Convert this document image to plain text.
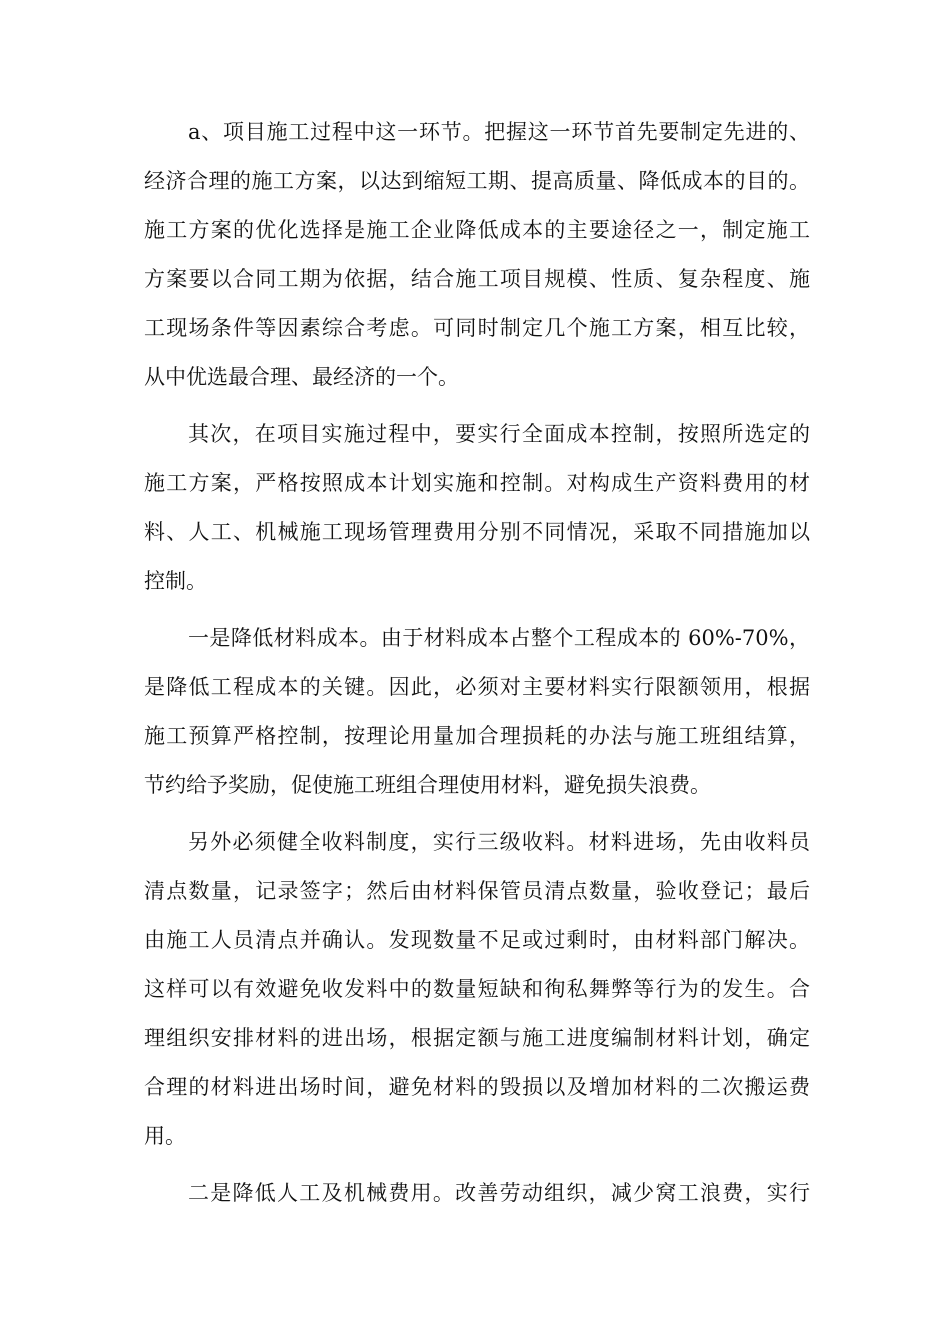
a、项目施工过程中这一环节。把握这一环节首先要制定先进的、
经济合理的施工方案，以达到缩短工期、提高质量、降低成本的目的。
施工方案的优化选择是施工企业降低成本的主要途径之一，制定施工
方案要以合同工期为依据，结合施工项目规模、性质、复杂程度、施
工现场条件等因素综合考虑。可同时制定几个施工方案，相互比较，
从中优选最合理、最经济的一个。
其次，在项目实施过程中，要实行全面成本控制，按照所选定的
施工方案，严格按照成本计划实施和控制。对构成生产资料费用的材
料、人工、机械施工现场管理费用分别不同情况，采取不同措施加以
控制。
一是降低材料成本。由于材料成本占整个工程成本的 60%-70%，
是降低工程成本的关键。因此，必须对主要材料实行限额领用，根据
施工预算严格控制，按理论用量加合理损耗的办法与施工班组结算，
节约给予奖励，促使施工班组合理使用材料，避免损失浪费。
另外必须健全收料制度，实行三级收料。材料进场，先由收料员
清点数量，记录签字；然后由材料保管员清点数量，验收登记；最后
由施工人员清点并确认。发现数量不足或过剩时，由材料部门解决。
这样可以有效避免收发料中的数量短缺和徇私舞弊等行为的发生。合
理组织安排材料的进出场，根据定额与施工进度编制材料计划，确定
合理的材料进出场时间，避免材料的毁损以及增加材料的二次搬运费
用。
二是降低人工及机械费用。改善劳动组织，减少窝工浪费，实行
